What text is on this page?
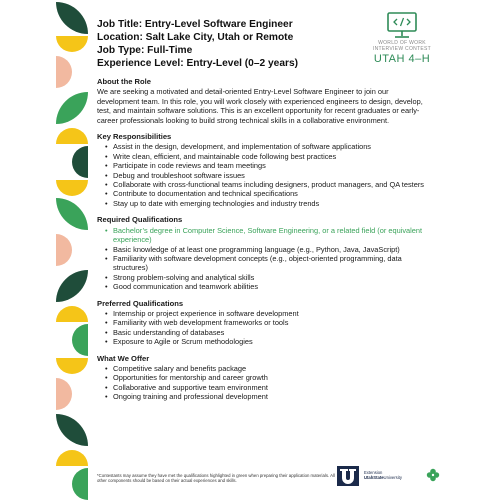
WORLD OF WORK
INTERVIEW CONTEST
UTAH 4–H
Job Title: Entry-Level Software Engineer
Location: Salt Lake City, Utah or Remote
Job Type: Full-Time
Experience Level: Entry-Level (0–2 years)
About the Role
We are seeking a motivated and detail-oriented Entry-Level Software Engineer to join our development team. In this role, you will work closely with experienced engineers to design, develop, test, and maintain software solutions. This is an excellent opportunity for recent graduates or early-career professionals looking to build strong technical skills in a collaborative environment.
Key Responsibilities
• Assist in the design, development, and implementation of software applications
• Write clean, efficient, and maintainable code following best practices
• Participate in code reviews and team meetings
• Debug and troubleshoot software issues
• Collaborate with cross-functional teams including designers, product managers, and QA testers
• Contribute to documentation and technical specifications
• Stay up to date with emerging technologies and industry trends
Required Qualifications
• Bachelor’s degree in Computer Science, Software Engineering, or a related field (or equivalent experience)
• Basic knowledge of at least one programming language (e.g., Python, Java, JavaScript)
• Familiarity with software development concepts (e.g., object-oriented programming, data structures)
• Strong problem-solving and analytical skills
• Good communication and teamwork abilities
Preferred Qualifications
• Internship or project experience in software development
• Familiarity with web development frameworks or tools
• Basic understanding of databases
• Exposure to Agile or Scrum methodologies
What We Offer
• Competitive salary and benefits package
• Opportunities for mentorship and career growth
• Collaborative and supportive team environment
• Ongoing training and professional development
*Contestants may assume they have met the qualifications highlighted in green when preparing their application materials. All other components should be based on their actual experiences and skills.
Extension
UtahStateUniversity
